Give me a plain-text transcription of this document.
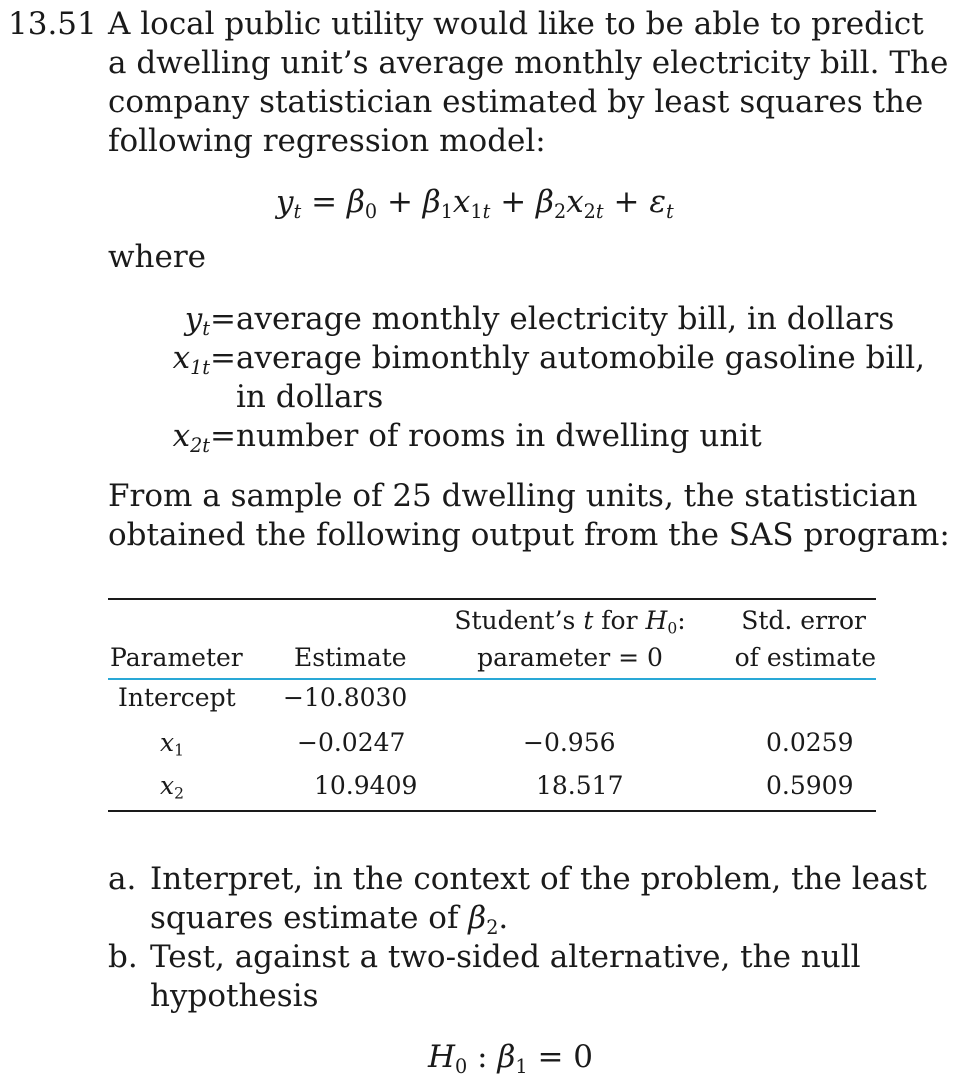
13.51 A local public utility would like to be able to predict
a dwelling unit’s average monthly electricity bill. The
company statistician estimated by least squares the
following regression model:
$y_t = \beta_0 + \beta_1x_{1t} + \beta_2x_{2t} + \varepsilon_t$
where
$y_t$ = average monthly electricity bill, in dollars
$x_{1t}$ = average bimonthly automobile gasoline bill,
in dollars
$x_{2t}$ = number of rooms in dwelling unit
From a sample of 25 dwelling units, the statistician
obtained the following output from the SAS program:
Student’s t for $H_0$:	Std. error
Parameter Estimate	parameter = 0	of estimate
Intercept −10.8030
$x_1$	−0.0247	−0.956	0.0259
$x_2$	10.9409	18.517	0.5909
a. Interpret, in the context of the problem, the least
squares estimate of $\beta_2$.
b. Test, against a two-sided alternative, the null
hypothesis
$H_0$ : $\beta_1 = 0$
